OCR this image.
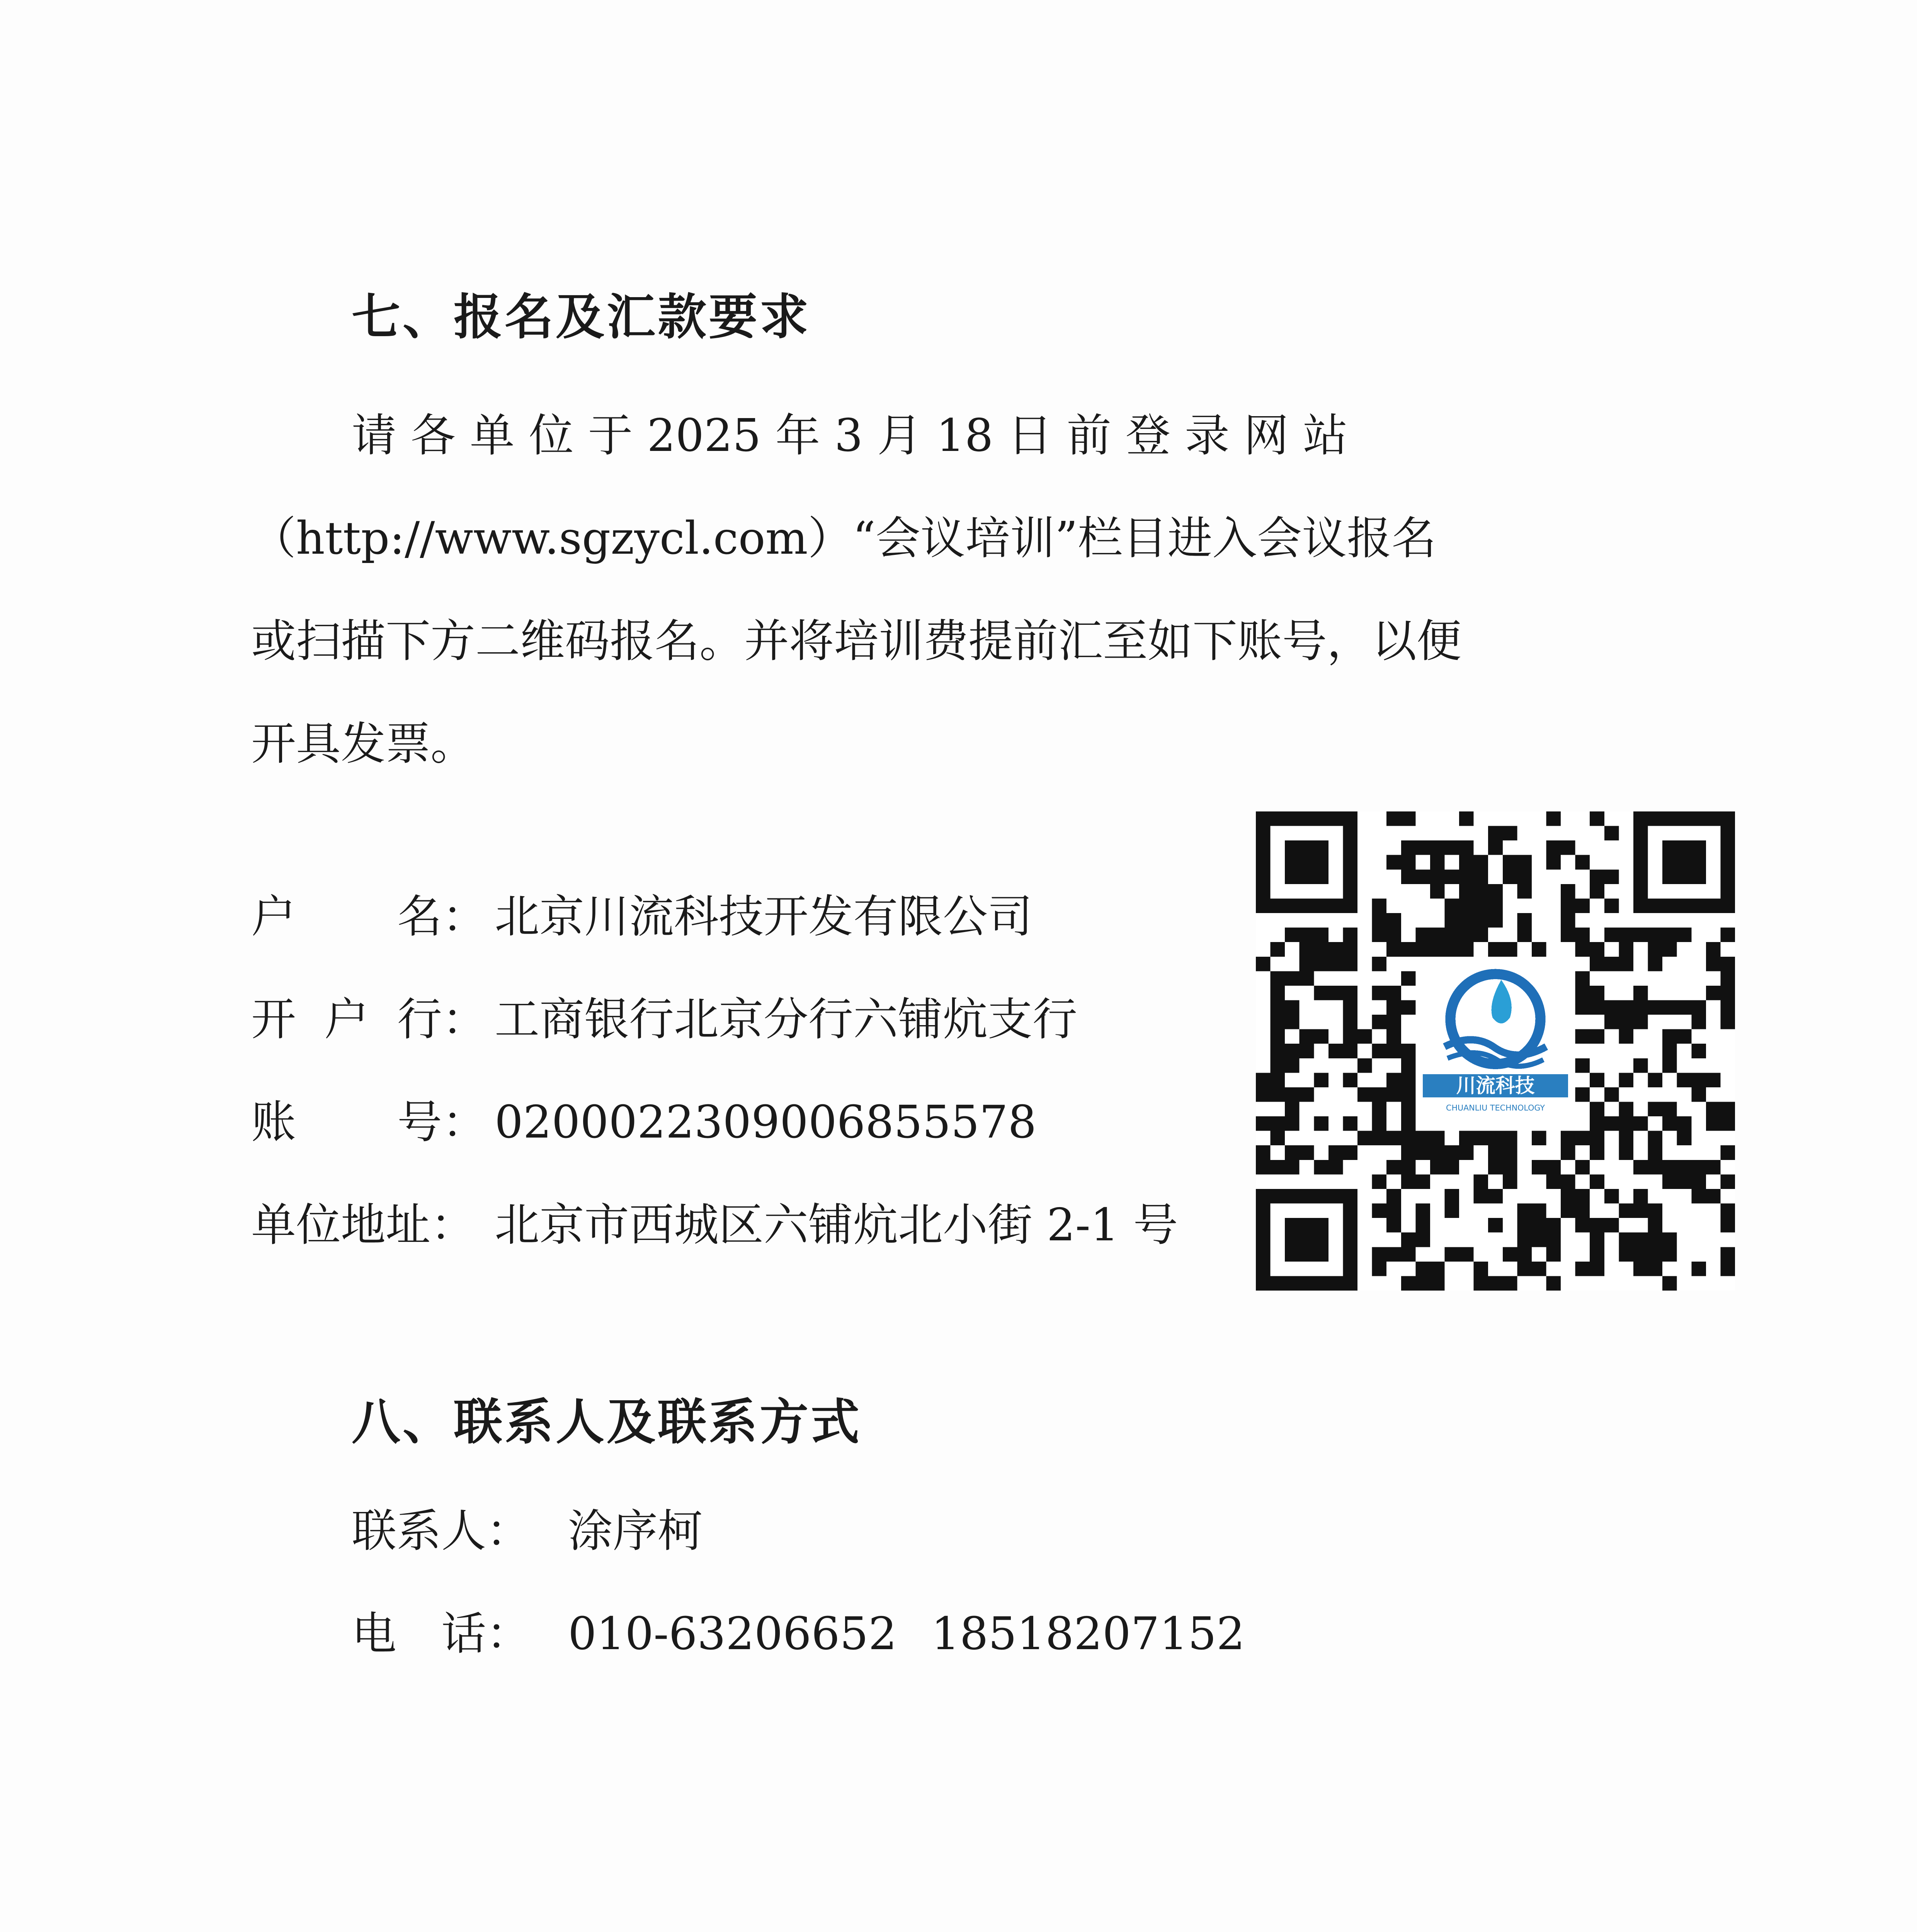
七、报名及汇款要求
请 各 单 位 于 2025 年 3 月 18 日 前 登 录 网 站
（http://www.sgzycl.com）“会议培训”栏目进入会议报名
或扫描下方二维码报名。并将培训费提前汇至如下账号，以便
开具发票。
户 名： 北京川流科技开发有限公司
开 户 行： 工商银行北京分行六铺炕支行
账 号： 0200022309006855578
单位地址： 北京市西城区六铺炕北小街 2-1 号
川流科技
八、联系人及联系方式
联系人： 涂序柯
电　话： 010-63206652 18518207152
